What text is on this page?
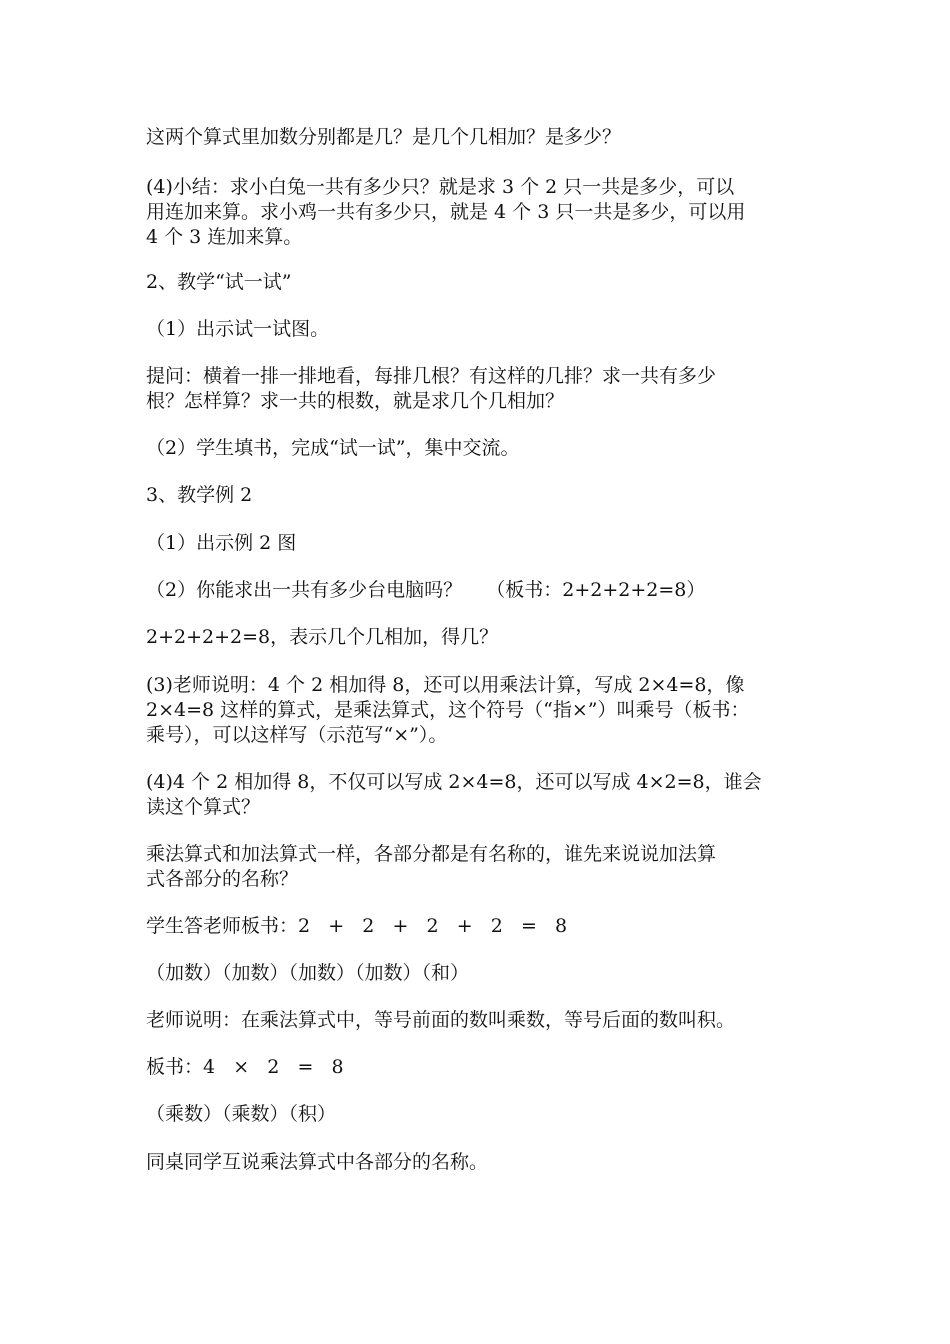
这两个算式里加数分别都是几？是几个几相加？是多少？
(4)小结：求小白兔一共有多少只？就是求 3 个 2 只一共是多少，可以
用连加来算。求小鸡一共有多少只，就是 4 个 3 只一共是多少，可以用
4 个 3 连加来算。
2、教学“试一试”
（1）出示试一试图。
提问：横着一排一排地看，每排几根？有这样的几排？求一共有多少
根？怎样算？求一共的根数，就是求几个几相加？
（2）学生填书，完成“试一试”，集中交流。
3、教学例 2
（1）出示例 2 图
（2）你能求出一共有多少台电脑吗？    （板书：2+2+2+2=8）
2+2+2+2=8，表示几个几相加，得几？
(3)老师说明：4 个 2 相加得 8，还可以用乘法计算，写成 2×4=8，像
2×4=8 这样的算式，是乘法算式，这个符号（“指×”）叫乘号（板书：
乘号），可以这样写（示范写“×”）。
(4)4 个 2 相加得 8，不仅可以写成 2×4=8，还可以写成 4×2=8，谁会
读这个算式？
乘法算式和加法算式一样，各部分都是有名称的，谁先来说说加法算
式各部分的名称？
学生答老师板书：2   +   2   +   2   +   2   =   8
（加数）（加数）（加数）（加数）（和）
老师说明：在乘法算式中，等号前面的数叫乘数，等号后面的数叫积。
板书：4   ×   2   =   8
（乘数）（乘数）（积）
同桌同学互说乘法算式中各部分的名称。
